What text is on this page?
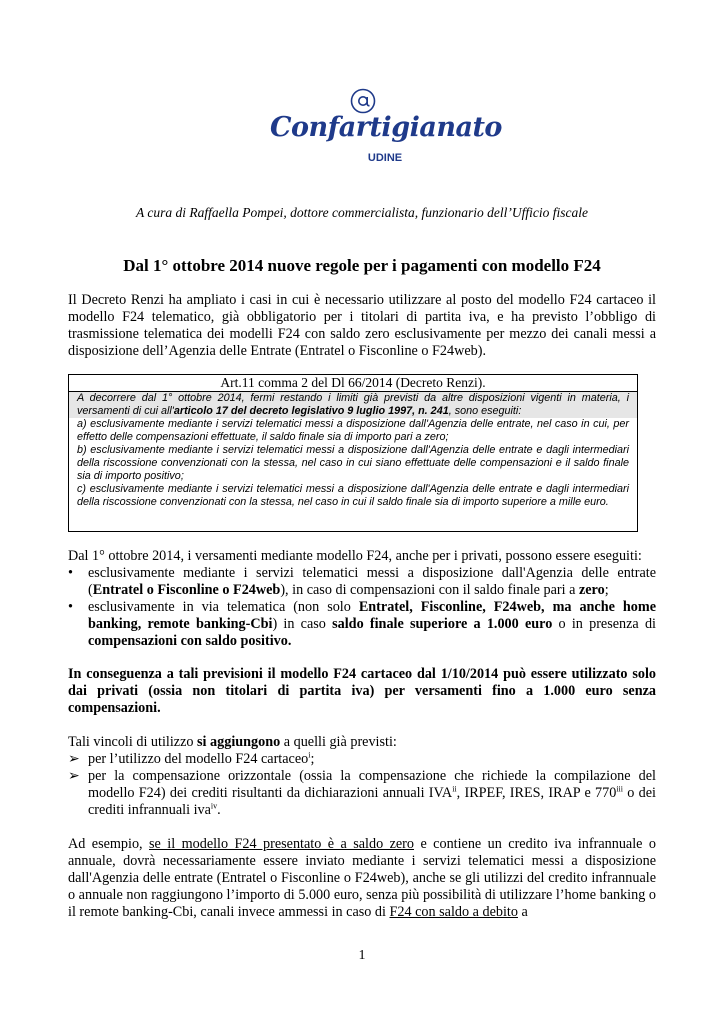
Confartigianato
UDINE
A cura di Raffaella Pompei, dottore commercialista, funzionario dell’Ufficio fiscale
Dal 1° ottobre 2014 nuove regole per i pagamenti con modello F24

Il Decreto Renzi ha ampliato i casi in cui è necessario utilizzare al posto del modello F24 cartaceo il modello F24 telematico, già obbligatorio per i titolari di partita iva, e ha previsto l’obbligo di trasmissione telematica dei modelli F24 con saldo zero esclusivamente per mezzo dei canali messi a disposizione dell’Agenzia delle Entrate (Entratel o Fisconline o F24web).

Art.11 comma 2 del Dl 66/2014 (Decreto Renzi).

A decorrere dal 1° ottobre 2014, fermi restando i limiti già previsti da altre disposizioni vigenti in materia, i versamenti di cui all'articolo 17 del decreto legislativo 9 luglio 1997, n. 241, sono eseguiti:

a) esclusivamente mediante i servizi telematici messi a disposizione dall'Agenzia delle entrate, nel caso in cui, per effetto delle compensazioni effettuate, il saldo finale sia di importo pari a zero;

b) esclusivamente mediante i servizi telematici messi a disposizione dall'Agenzia delle entrate e dagli intermediari della riscossione convenzionati con la stessa, nel caso in cui siano effettuate delle compensazioni e il saldo finale sia di importo positivo;

c) esclusivamente mediante i servizi telematici messi a disposizione dall'Agenzia delle entrate e dagli intermediari della riscossione convenzionati con la stessa, nel caso in cui il saldo finale sia di importo superiore a mille euro.

Dal 1° ottobre 2014, i versamenti mediante modello F24, anche per i privati, possono essere eseguiti:

• esclusivamente mediante i servizi telematici messi a disposizione dall'Agenzia delle entrate (Entratel o Fisconline o F24web), in caso di compensazioni con il saldo finale pari a zero;
• esclusivamente in via telematica (non solo Entratel, Fisconline, F24web, ma anche home banking, remote banking-Cbi) in caso saldo finale superiore a 1.000 euro o in presenza di compensazioni con saldo positivo.

In conseguenza a tali previsioni il modello F24 cartaceo dal 1/10/2014 può essere utilizzato solo dai privati (ossia non titolari di partita iva) per versamenti fino a 1.000 euro senza compensazioni.

Tali vincoli di utilizzo si aggiungono a quelli già previsti:

➢ per l’utilizzo del modello F24 cartaceo$^i$;
➢ per la compensazione orizzontale (ossia la compensazione che richiede la compilazione del modello F24) dei crediti risultanti da dichiarazioni annuali IVA$^{ii}$, IRPEF, IRES, IRAP e 770$^{iii}$ o dei crediti infrannuali iva$^{iv}$.

Ad esempio, se il modello F24 presentato è a saldo zero e contiene un credito iva infrannuale o annuale, dovrà necessariamente essere inviato mediante i servizi telematici messi a disposizione dall'Agenzia delle entrate (Entratel o Fisconline o F24web), anche se gli utilizzi del credito infrannuale o annuale non raggiungono l’importo di 5.000 euro, senza più possibilità di utilizzare l’home banking o il remote banking-Cbi, canali invece ammessi in caso di F24 con saldo a debito a

1
